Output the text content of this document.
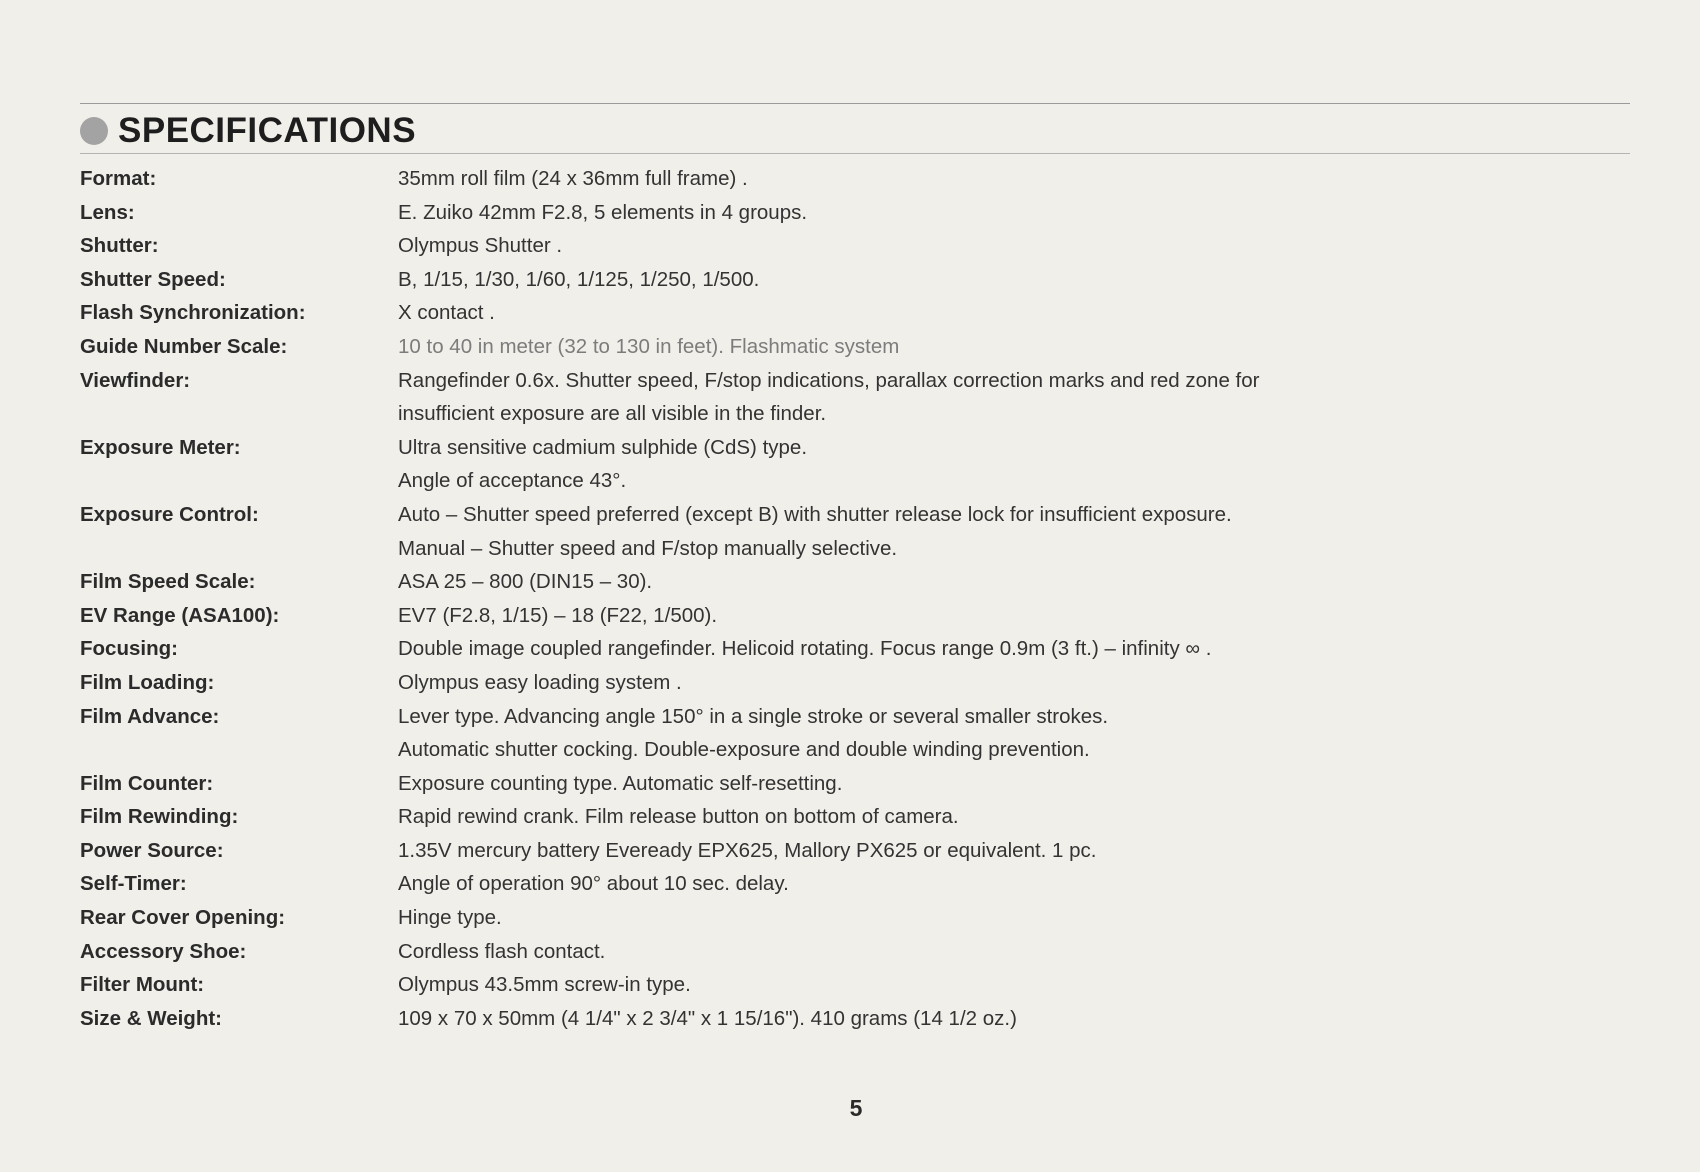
SPECIFICATIONS
Format:	35mm roll film (24 x 36mm full frame) .
Lens:	E. Zuiko 42mm F2.8, 5 elements in 4 groups.
Shutter:	Olympus Shutter .
Shutter Speed:	B, 1/15, 1/30, 1/60, 1/125, 1/250, 1/500.
Flash Synchronization:	X contact .
Guide Number Scale:	10 to 40 in meter (32 to 130 in feet). Flashmatic system
Viewfinder:	Rangefinder 0.6x. Shutter speed, F/stop indications, parallax correction marks and red zone for
insufficient exposure are all visible in the finder.
Exposure Meter:	Ultra sensitive cadmium sulphide (CdS) type.
Angle of acceptance 43°.
Exposure Control:	Auto – Shutter speed preferred (except B) with shutter release lock for insufficient exposure.
Manual – Shutter speed and F/stop manually selective.
Film Speed Scale:	ASA 25 – 800 (DIN15 – 30).
EV Range (ASA100):	EV7 (F2.8, 1/15) – 18 (F22, 1/500).
Focusing:	Double image coupled rangefinder. Helicoid rotating. Focus range 0.9m (3 ft.) – infinity ∞ .
Film Loading:	Olympus easy loading system .
Film Advance:	Lever type. Advancing angle 150° in a single stroke or several smaller strokes.
Automatic shutter cocking. Double-exposure and double winding prevention.
Film Counter:	Exposure counting type. Automatic self-resetting.
Film Rewinding:	Rapid rewind crank. Film release button on bottom of camera.
Power Source:	1.35V mercury battery Eveready EPX625, Mallory PX625 or equivalent. 1 pc.
Self-Timer:	Angle of operation 90° about 10 sec. delay.
Rear Cover Opening:	Hinge type.
Accessory Shoe:	Cordless flash contact.
Filter Mount:	Olympus 43.5mm screw-in type.
Size & Weight:	109 x 70 x 50mm (4 1/4" x 2 3/4" x 1 15/16"). 410 grams (14 1/2 oz.)
5
